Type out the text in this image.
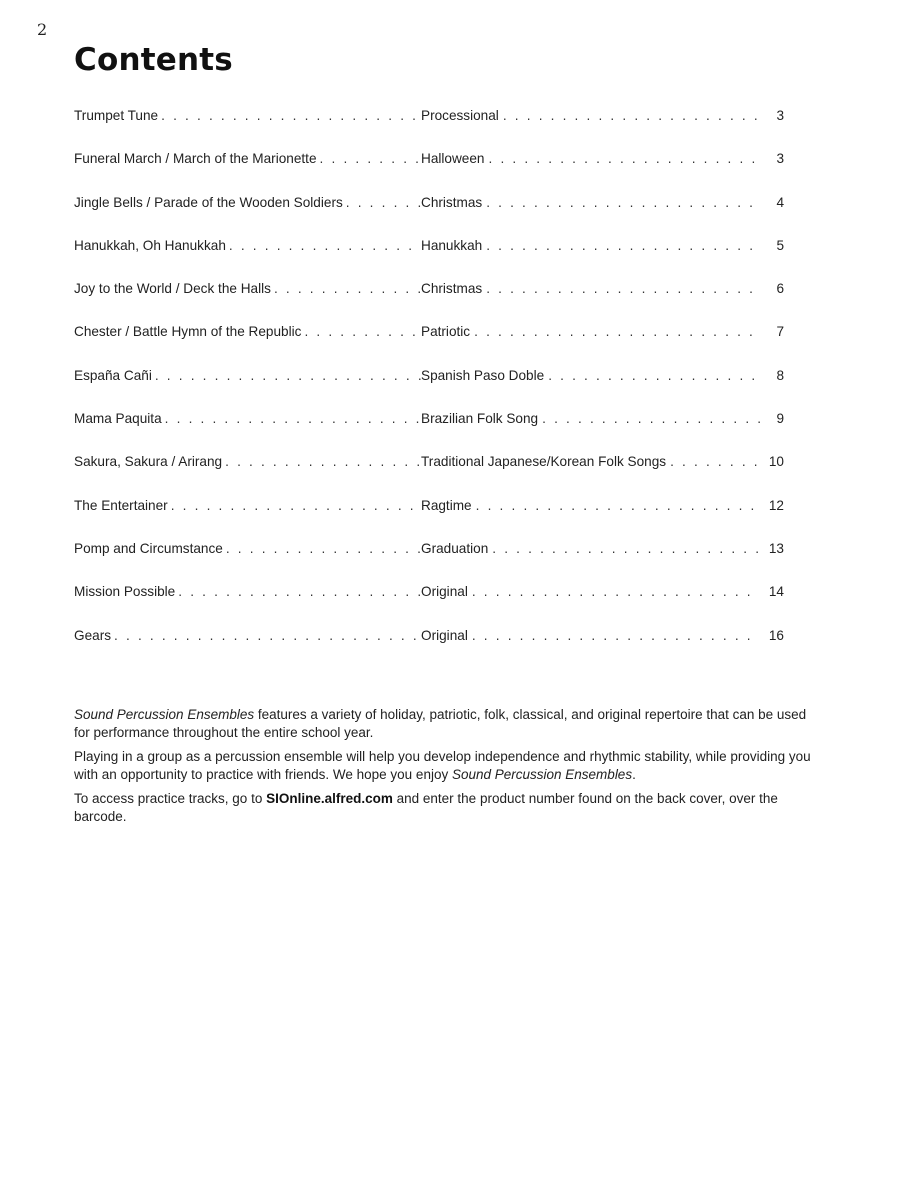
2
Contents
Trumpet Tune . . .	Processional . . .	3
Funeral March / March of the Marionette . . .	Halloween . . .	3
Jingle Bells / Parade of the Wooden Soldiers . . .	Christmas . . .	4
Hanukkah, Oh Hanukkah . . .	Hanukkah . . .	5
Joy to the World / Deck the Halls . . .	Christmas . . .	6
Chester / Battle Hymn of the Republic . . .	Patriotic . . .	7
España Cañi . . .	Spanish Paso Doble . . .	8
Mama Paquita . . .	Brazilian Folk Song . . .	9
Sakura, Sakura / Arirang . . .	Traditional Japanese/Korean Folk Songs . . .	10
The Entertainer . . .	Ragtime . . .	12
Pomp and Circumstance . . .	Graduation . . .	13
Mission Possible . . .	Original . . .	14
Gears . . .	Original . . .	16

Sound Percussion Ensembles features a variety of holiday, patriotic, folk, classical, and original repertoire that can be used for performance throughout the entire school year.

Playing in a group as a percussion ensemble will help you develop independence and rhythmic stability, while providing you with an opportunity to practice with friends. We hope you enjoy Sound Percussion Ensembles.

To access practice tracks, go to SIOnline.alfred.com and enter the product number found on the back cover, over the barcode.
